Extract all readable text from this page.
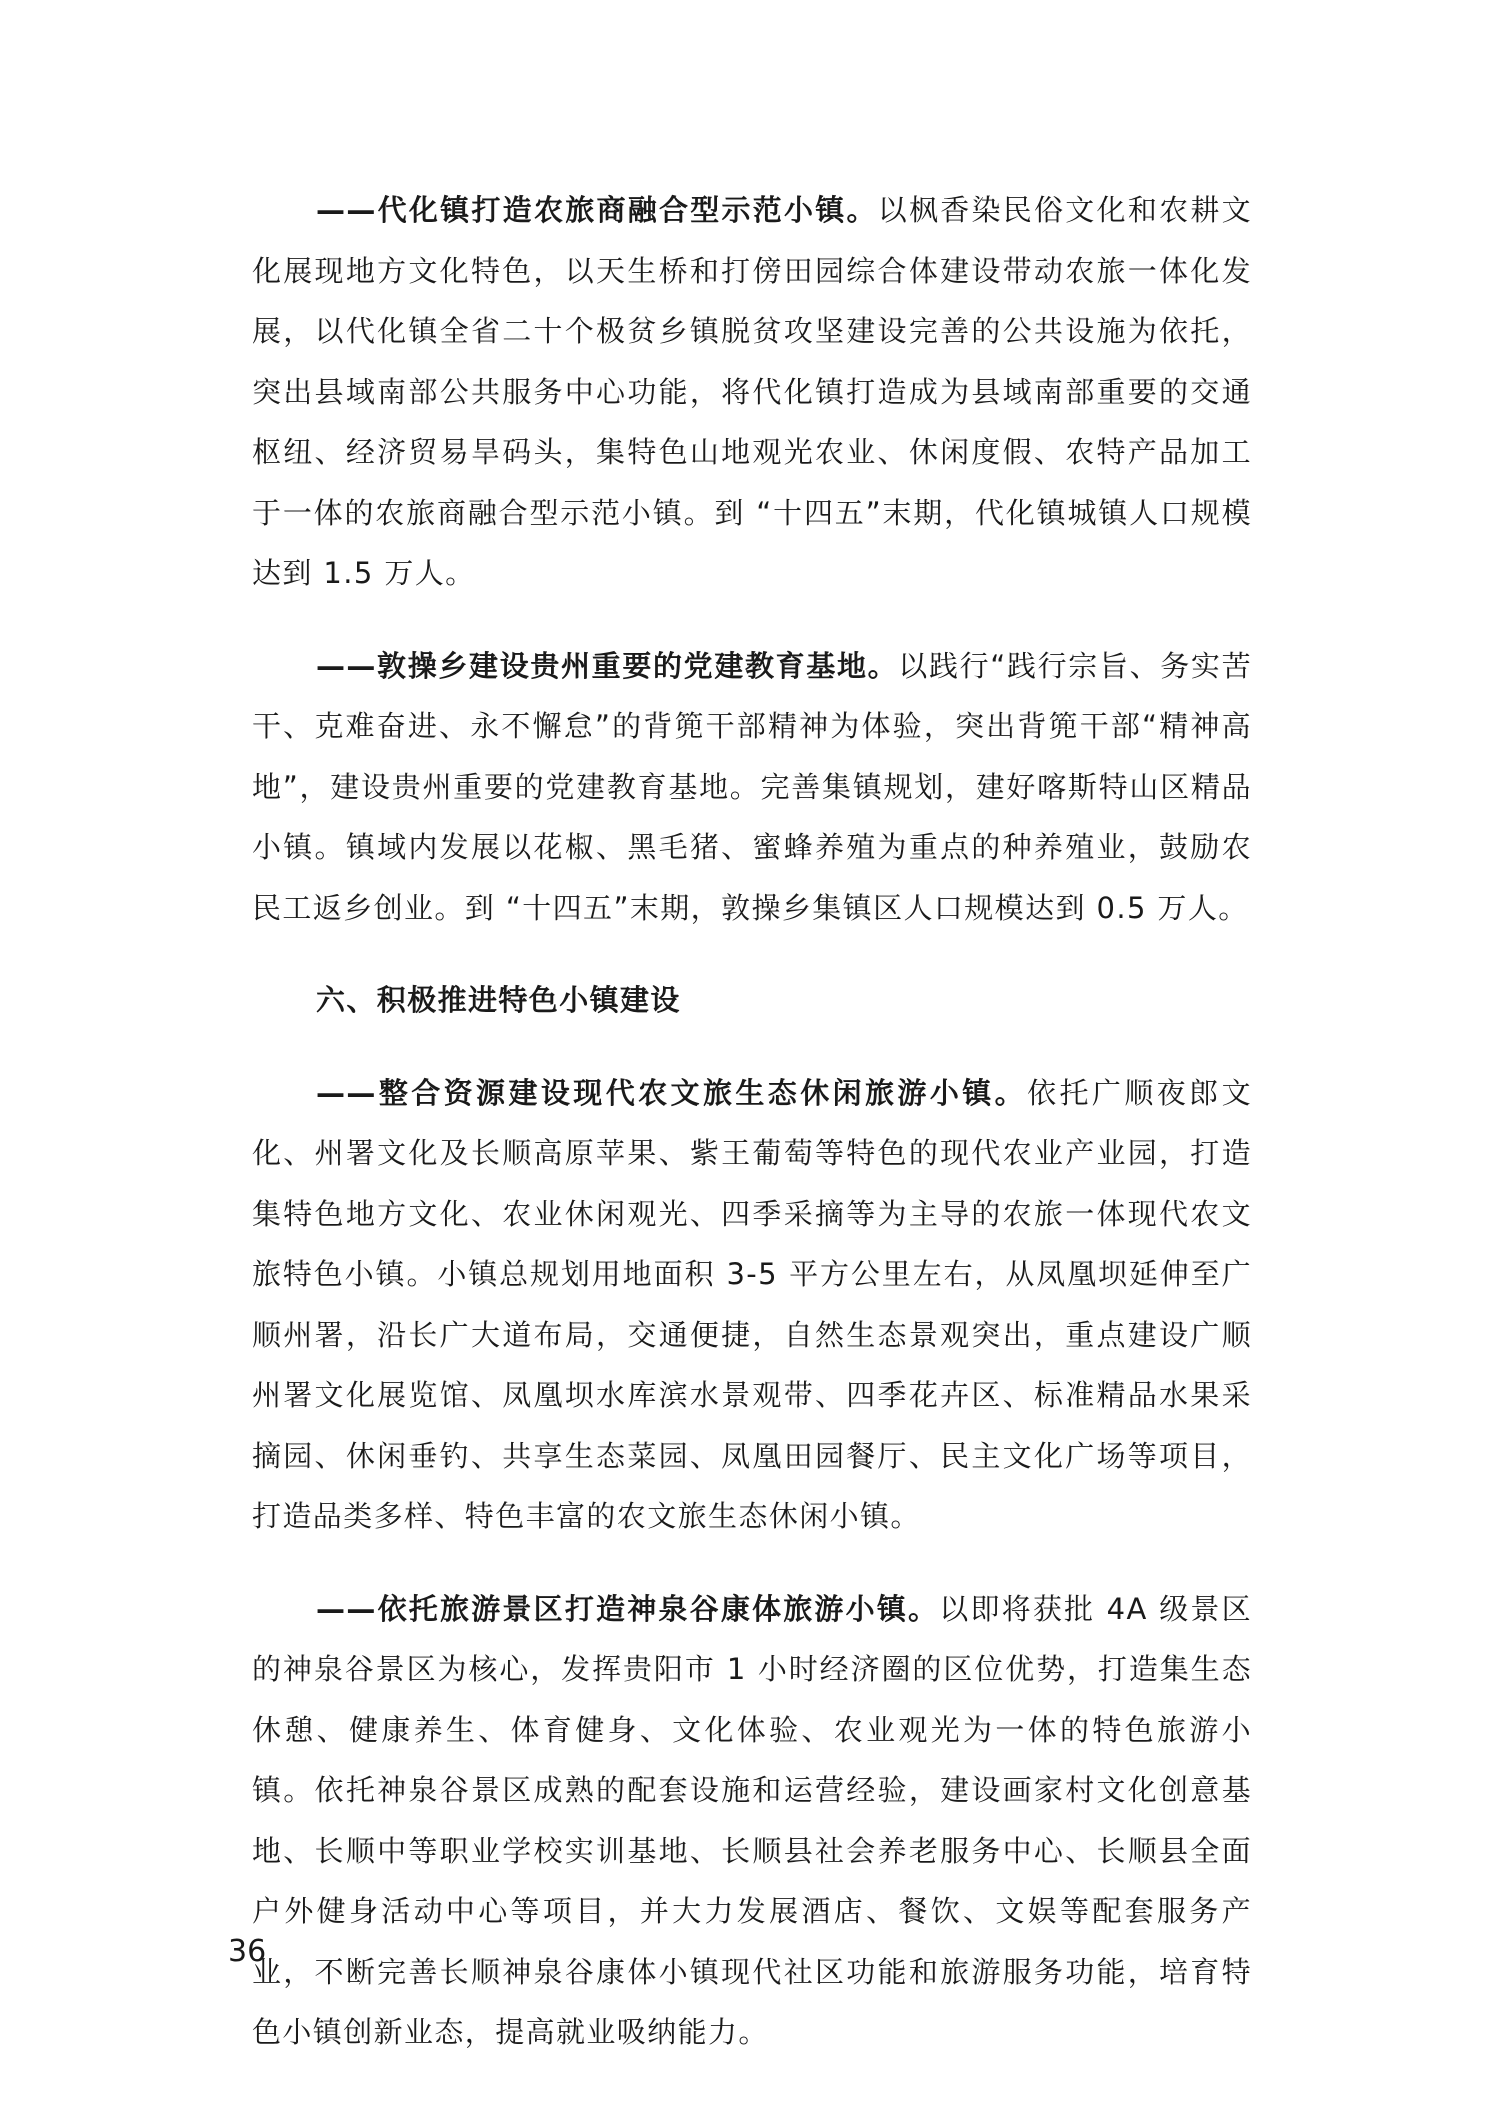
——代化镇打造农旅商融合型示范小镇。以枫香染民俗文化和农耕文化展现地方文化特色，以天生桥和打傍田园综合体建设带动农旅一体化发展，以代化镇全省二十个极贫乡镇脱贫攻坚建设完善的公共设施为依托，突出县域南部公共服务中心功能，将代化镇打造成为县域南部重要的交通枢纽、经济贸易旱码头，集特色山地观光农业、休闲度假、农特产品加工于一体的农旅商融合型示范小镇。到 “十四五”末期，代化镇城镇人口规模达到 1.5 万人。

——敦操乡建设贵州重要的党建教育基地。以践行“践行宗旨、务实苦干、克难奋进、永不懈怠”的背篼干部精神为体验，突出背篼干部“精神高地”，建设贵州重要的党建教育基地。完善集镇规划，建好喀斯特山区精品小镇。镇域内发展以花椒、黑毛猪、蜜蜂养殖为重点的种养殖业，鼓励农民工返乡创业。到 “十四五”末期，敦操乡集镇区人口规模达到 0.5 万人。

六、积极推进特色小镇建设

——整合资源建设现代农文旅生态休闲旅游小镇。依托广顺夜郎文化、州署文化及长顺高原苹果、紫王葡萄等特色的现代农业产业园，打造集特色地方文化、农业休闲观光、四季采摘等为主导的农旅一体现代农文旅特色小镇。小镇总规划用地面积 3-5 平方公里左右，从凤凰坝延伸至广顺州署，沿长广大道布局，交通便捷，自然生态景观突出，重点建设广顺州署文化展览馆、凤凰坝水库滨水景观带、四季花卉区、标准精品水果采摘园、休闲垂钓、共享生态菜园、凤凰田园餐厅、民主文化广场等项目，打造品类多样、特色丰富的农文旅生态休闲小镇。

——依托旅游景区打造神泉谷康体旅游小镇。以即将获批 4A 级景区的神泉谷景区为核心，发挥贵阳市 1 小时经济圈的区位优势，打造集生态休憩、健康养生、体育健身、文化体验、农业观光为一体的特色旅游小镇。依托神泉谷景区成熟的配套设施和运营经验，建设画家村文化创意基地、长顺中等职业学校实训基地、长顺县社会养老服务中心、长顺县全面户外健身活动中心等项目，并大力发展酒店、餐饮、文娱等配套服务产业，不断完善长顺神泉谷康体小镇现代社区功能和旅游服务功能，培育特色小镇创新业态，提高就业吸纳能力。

36
